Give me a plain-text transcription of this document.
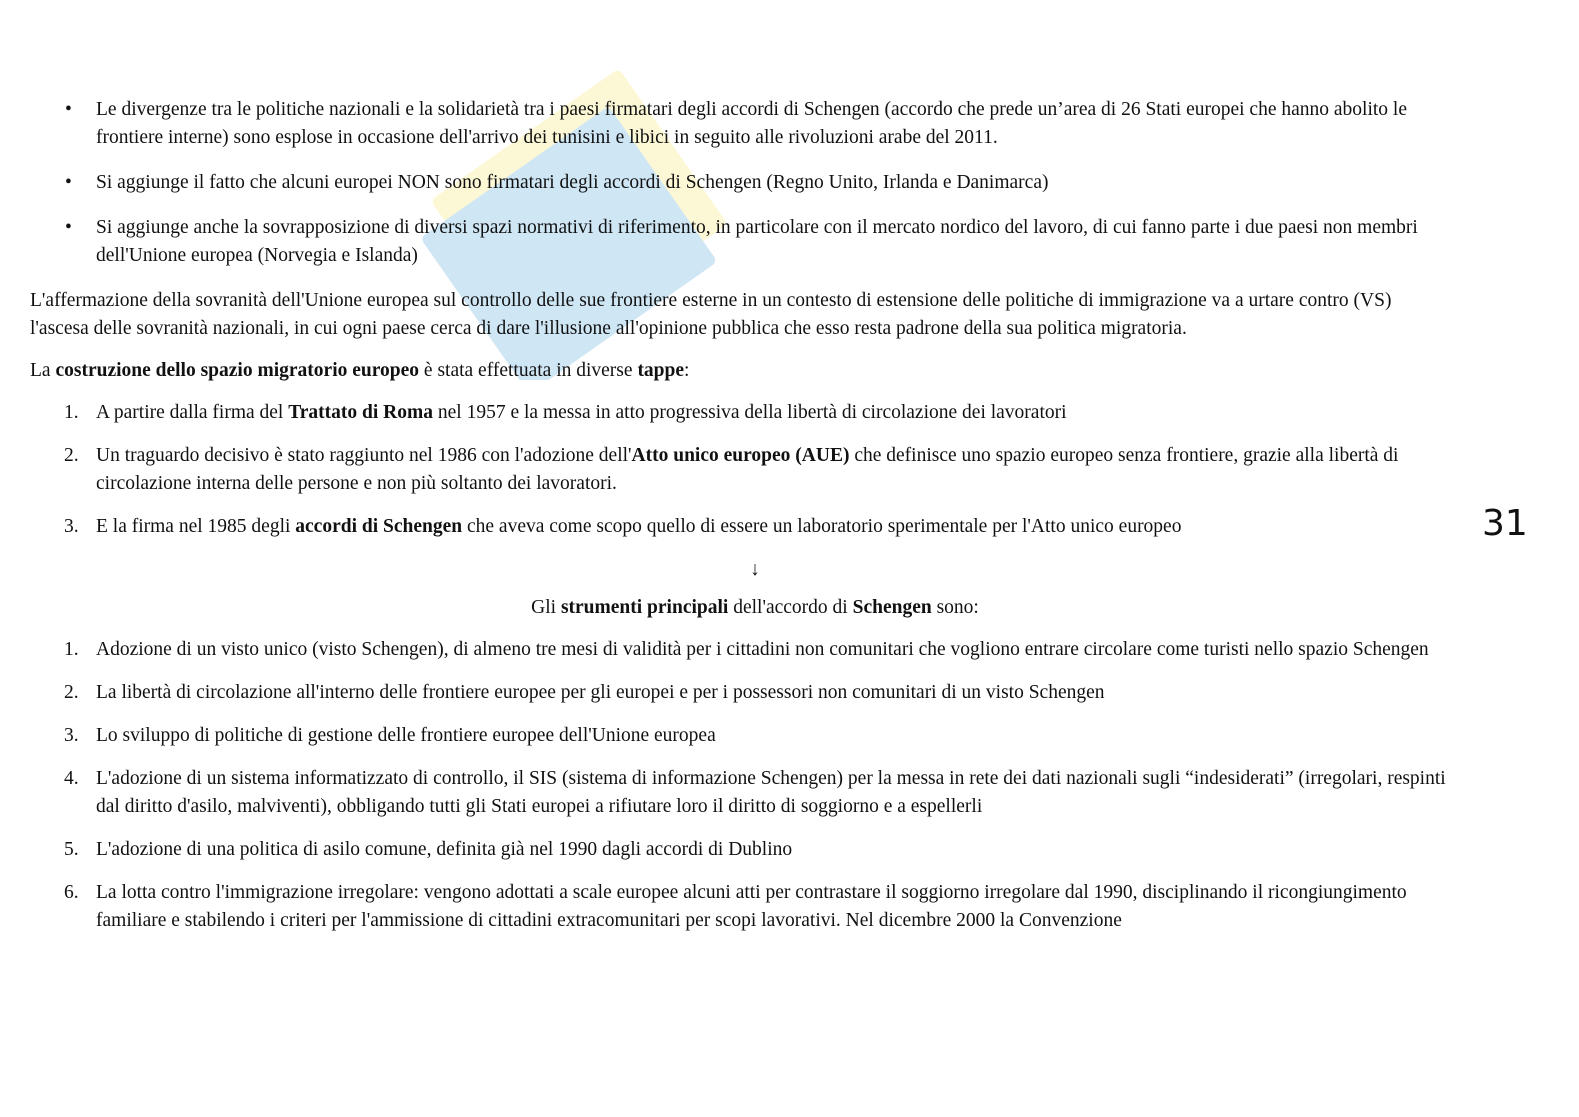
31
• Le divergenze tra le politiche nazionali e la solidarietà tra i paesi firmatari degli accordi di Schengen (accordo che prede un’area di 26 Stati europei che hanno abolito le frontiere interne) sono esplose in occasione dell'arrivo dei tunisini e libici in seguito alle rivoluzioni arabe del 2011.
• Si aggiunge il fatto che alcuni europei NON sono firmatari degli accordi di Schengen (Regno Unito, Irlanda e Danimarca)
• Si aggiunge anche la sovrapposizione di diversi spazi normativi di riferimento, in particolare con il mercato nordico del lavoro, di cui fanno parte i due paesi non membri dell'Unione europea (Norvegia e Islanda)

L'affermazione della sovranità dell'Unione europea sul controllo delle sue frontiere esterne in un contesto di estensione delle politiche di immigrazione va a urtare contro (VS) l'ascesa delle sovranità nazionali, in cui ogni paese cerca di dare l'illusione all'opinione pubblica che esso resta padrone della sua politica migratoria.

La costruzione dello spazio migratorio europeo è stata effettuata in diverse tappe:

1. A partire dalla firma del Trattato di Roma nel 1957 e la messa in atto progressiva della libertà di circolazione dei lavoratori
2. Un traguardo decisivo è stato raggiunto nel 1986 con l'adozione dell'Atto unico europeo (AUE) che definisce uno spazio europeo senza frontiere, grazie alla libertà di circolazione interna delle persone e non più soltanto dei lavoratori.
3. E la firma nel 1985 degli accordi di Schengen che aveva come scopo quello di essere un laboratorio sperimentale per l'Atto unico europeo
↓

Gli strumenti principali dell'accordo di Schengen sono:

1. Adozione di un visto unico (visto Schengen), di almeno tre mesi di validità per i cittadini non comunitari che vogliono entrare circolare come turisti nello spazio Schengen
2. La libertà di circolazione all'interno delle frontiere europee per gli europei e per i possessori non comunitari di un visto Schengen
3. Lo sviluppo di politiche di gestione delle frontiere europee dell'Unione europea
4. L'adozione di un sistema informatizzato di controllo, il SIS (sistema di informazione Schengen) per la messa in rete dei dati nazionali sugli “indesiderati” (irregolari, respinti dal diritto d'asilo, malviventi), obbligando tutti gli Stati europei a rifiutare loro il diritto di soggiorno e a espellerli
5. L'adozione di una politica di asilo comune, definita già nel 1990 dagli accordi di Dublino
6. La lotta contro l'immigrazione irregolare: vengono adottati a scale europee alcuni atti per contrastare il soggiorno irregolare dal 1990, disciplinando il ricongiungimento familiare e stabilendo i criteri per l'ammissione di cittadini extracomunitari per scopi lavorativi. Nel dicembre 2000 la Convenzione
